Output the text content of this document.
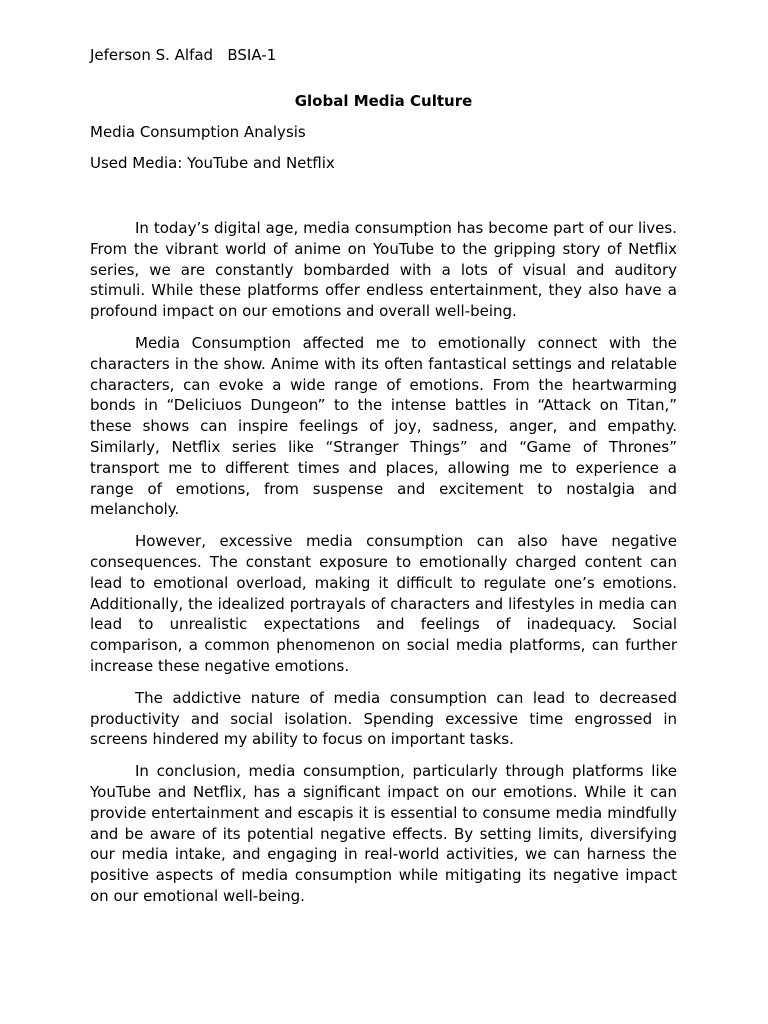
Jeferson S. Alfad   BSIA-1

Global Media Culture

Media Consumption Analysis

Used Media: YouTube and Netflix

In today’s digital age, media consumption has become part of our lives. From the vibrant world of anime on YouTube to the gripping story of Netflix series, we are constantly bombarded with a lots of visual and auditory stimuli. While these platforms offer endless entertainment, they also have a profound impact on our emotions and overall well-being.

Media Consumption affected me to emotionally connect with the characters in the show. Anime with its often fantastical settings and relatable characters, can evoke a wide range of emotions. From the heartwarming bonds in “Deliciuos Dungeon” to the intense battles in “Attack on Titan,” these shows can inspire feelings of joy, sadness, anger, and empathy. Similarly, Netflix series like “Stranger Things” and “Game of Thrones” transport me to different times and places, allowing me to experience a range of emotions, from suspense and excitement to nostalgia and melancholy.

However, excessive media consumption can also have negative consequences. The constant exposure to emotionally charged content can lead to emotional overload, making it difficult to regulate one’s emotions. Additionally, the idealized portrayals of characters and lifestyles in media can lead to unrealistic expectations and feelings of inadequacy. Social comparison, a common phenomenon on social media platforms, can further increase these negative emotions.

The addictive nature of media consumption can lead to decreased productivity and social isolation. Spending excessive time engrossed in screens hindered my ability to focus on important tasks.

In conclusion, media consumption, particularly through platforms like YouTube and Netflix, has a significant impact on our emotions. While it can provide entertainment and escapis it is essential to consume media mindfully and be aware of its potential negative effects. By setting limits, diversifying our media intake, and engaging in real-world activities, we can harness the positive aspects of media consumption while mitigating its negative impact on our emotional well-being.
